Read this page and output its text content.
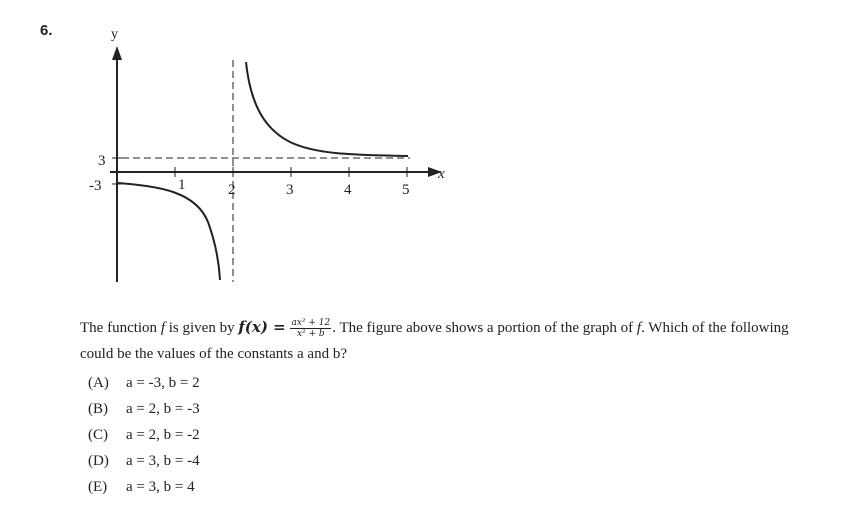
6.	y
x
1	2	3	4	5
3
-3
The function f is given by $f(x) = \frac{\text{ax² + 12}}{\text{x² + b}}$ . The figure above shows a portion of the graph of f. Which of the following could be the values of the constants a and b?
(A)	a = -3, b = 2
(B)	a = 2, b = -3
(C)	a = 2, b = -2
(D)	a = 3, b = -4
(E)	a = 3, b = 4
